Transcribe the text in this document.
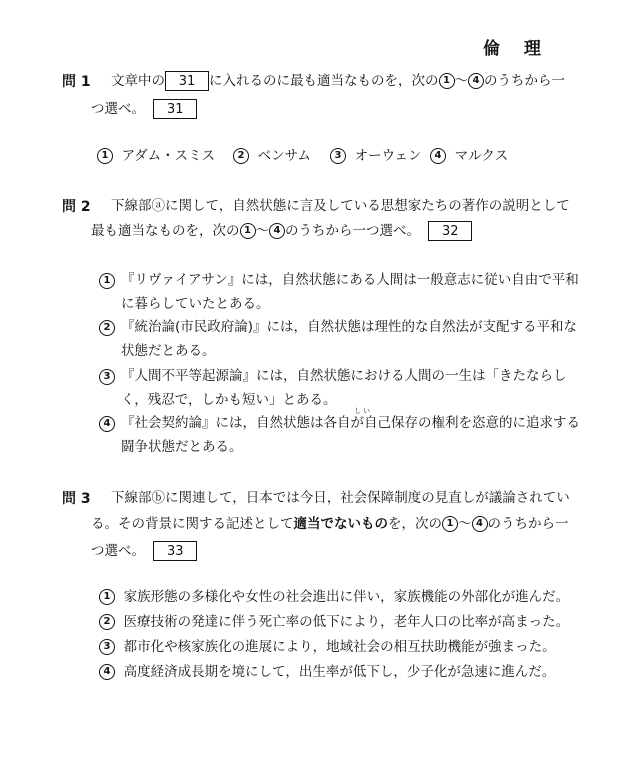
倫 理
問 1 文章中の 31 に入れるのに最も適当なものを，次の 1 〜 4 のうちから一
つ選べ。 31
1 アダム・スミス	2 ベンサム	3 オーウェン	4 マルクス
問 2 下線部ⓐに関して，自然状態に言及している思想家たちの著作の説明として
最も適当なものを，次の 1 〜 4 のうちから一つ選べ。 32
1 『リヴァイアサン』には，自然状態にある人間は一般意志に従い自由で平和
に暮らしていたとある。
2 『統治論(市民政府論)』には，自然状態は理性的な自然法が支配する平和な
状態だとある。
3 『人間不平等起源論』には，自然状態における人間の一生は「きたならし
く，残忍で，しかも短い」とある。
しい
4 『社会契約論』には，自然状態は各自が自己保存の権利を恣意的に追求する
闘争状態だとある。
問 3 下線部ⓑに関連して，日本では今日，社会保障制度の見直しが議論されてい
る。その背景に関する記述として適当でないものを，次の 1 〜 4 のうちから一
つ選べ。 33
1 家族形態の多様化や女性の社会進出に伴い，家族機能の外部化が進んだ。
2 医療技術の発達に伴う死亡率の低下により，老年人口の比率が高まった。
3 都市化や核家族化の進展により，地域社会の相互扶助機能が強まった。
4 高度経済成長期を境にして，出生率が低下し，少子化が急速に進んだ。
